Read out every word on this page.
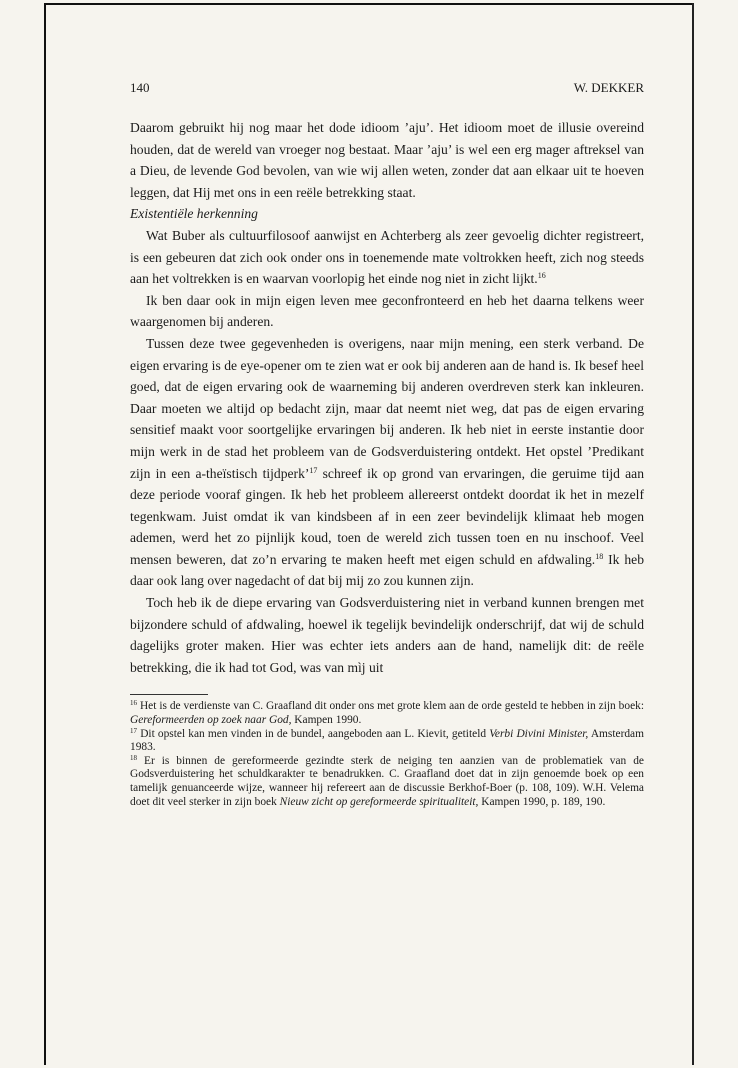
140	W. DEKKER

Daarom gebruikt hij nog maar het dode idioom ’aju’. Het idioom moet de illusie overeind houden, dat de wereld van vroeger nog bestaat. Maar ’aju’ is wel een erg mager aftreksel van a Dieu, de levende God bevolen, van wie wij allen weten, zonder dat aan elkaar uit te hoeven leggen, dat Hij met ons in een reële betrekking staat.

Existentiële herkenning

Wat Buber als cultuurfilosoof aanwijst en Achterberg als zeer gevoelig dichter registreert, is een gebeuren dat zich ook onder ons in toenemende mate voltrokken heeft, zich nog steeds aan het voltrekken is en waarvan voorlopig het einde nog niet in zicht lijkt.$^{16}$

Ik ben daar ook in mijn eigen leven mee geconfronteerd en heb het daarna telkens weer waargenomen bij anderen.

Tussen deze twee gegevenheden is overigens, naar mijn mening, een sterk verband. De eigen ervaring is de eye-opener om te zien wat er ook bij anderen aan de hand is. Ik besef heel goed, dat de eigen ervaring ook de waarneming bij anderen overdreven sterk kan inkleuren. Daar moeten we altijd op bedacht zijn, maar dat neemt niet weg, dat pas de eigen ervaring sensitief maakt voor soortgelijke ervaringen bij anderen. Ik heb niet in eerste instantie door mijn werk in de stad het probleem van de Godsverduistering ontdekt. Het opstel ’Predikant zijn in een a-theïstisch tijdperk’$^{17}$ schreef ik op grond van ervaringen, die geruime tijd aan deze periode vooraf gingen. Ik heb het probleem allereerst ontdekt doordat ik het in mezelf tegenkwam. Juist omdat ik van kindsbeen af in een zeer bevindelijk klimaat heb mogen ademen, werd het zo pijnlijk koud, toen de wereld zich tussen toen en nu inschoof. Veel mensen beweren, dat zo’n ervaring te maken heeft met eigen schuld en afdwaling.$^{18}$ Ik heb daar ook lang over nagedacht of dat bij mij zo zou kunnen zijn.

Toch heb ik de diepe ervaring van Godsverduistering niet in verband kunnen brengen met bijzondere schuld of afdwaling, hoewel ik tegelijk bevindelijk onderschrijf, dat wij de schuld dagelijks groter maken. Hier was echter iets anders aan de hand, namelijk dit: de reële betrekking, die ik had tot God, was van mìj uit

$^{16}$ Het is de verdienste van C. Graafland dit onder ons met grote klem aan de orde gesteld te hebben in zijn boek: Gereformeerden op zoek naar God, Kampen 1990.

$^{17}$ Dit opstel kan men vinden in de bundel, aangeboden aan L. Kievit, getiteld Verbi Divini Minister, Amsterdam 1983.

$^{18}$ Er is binnen de gereformeerde gezindte sterk de neiging ten aanzien van de problematiek van de Godsverduistering het schuldkarakter te benadrukken. C. Graafland doet dat in zijn genoemde boek op een tamelijk genuanceerde wijze, wanneer hij refereert aan de discussie Berkhof-Boer (p. 108, 109). W.H. Velema doet dit veel sterker in zijn boek Nieuw zicht op gereformeerde spiritualiteit, Kampen 1990, p. 189, 190.
